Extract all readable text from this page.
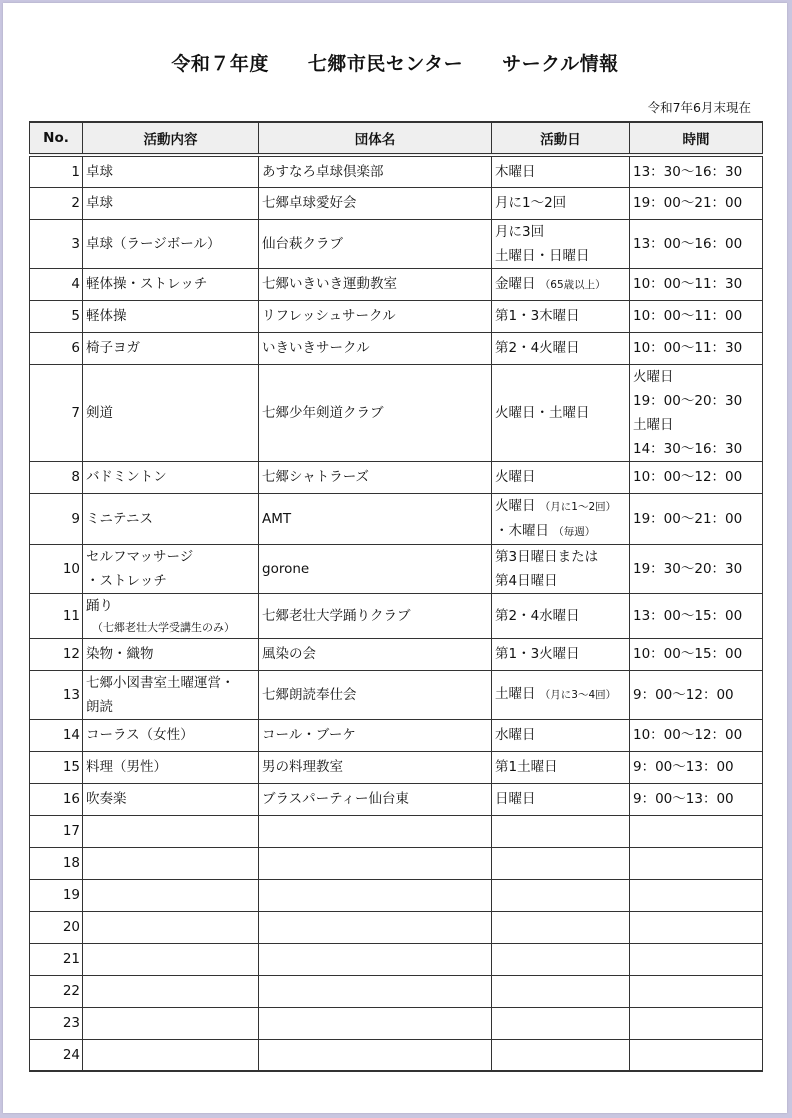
令和７年度　　七郷市民センター　　サークル情報
令和7年6月末現在
No.	活動内容	団体名	活動日	時間
1	卓球	あすなろ卓球倶楽部	木曜日	13：30～16：30

2	卓球	七郷卓球愛好会	月に1～2回	19：00～21：00

3	卓球（ラージボール）	仙台萩クラブ	月に3回
土曜日・日曜日	13：00～16：00

4	軽体操・ストレッチ	七郷いきいき運動教室	金曜日 （65歳以上）	10：00～11：30

5	軽体操	リフレッシュサークル	第1・3木曜日	10：00～11：00

6	椅子ヨガ	いきいきサークル	第2・4火曜日	10：00～11：30

7	剣道	七郷少年剣道クラブ	火曜日・土曜日	火曜日
19：00～20：30
土曜日
14：30～16：30

8	バドミントン	七郷シャトラーズ	火曜日	10：00～12：00

9	ミニテニス	AMT	火曜日 （月に1～2回）
・木曜日 （毎週）	19：00～21：00

10	セルフマッサージ
・ストレッチ	gorone	第3日曜日または
第4日曜日	19：30～20：30

11	踊り
（七郷老壮大学受講生のみ）	七郷老壮大学踊りクラブ	第2・4水曜日	13：00～15：00

12	染物・織物	風染の会	第1・3火曜日	10：00～15：00

13	七郷小図書室土曜運営・
朗読	七郷朗読奉仕会	土曜日 （月に3～4回）	9：00～12：00

14	コーラス（女性）	コール・ブーケ	水曜日	10：00～12：00

15	料理（男性）	男の料理教室	第1土曜日	9：00～13：00

16	吹奏楽	ブラスパーティー仙台東	日曜日	9：00～13：00

17				
18				
19				
20				
21				
22				
23				
24				
